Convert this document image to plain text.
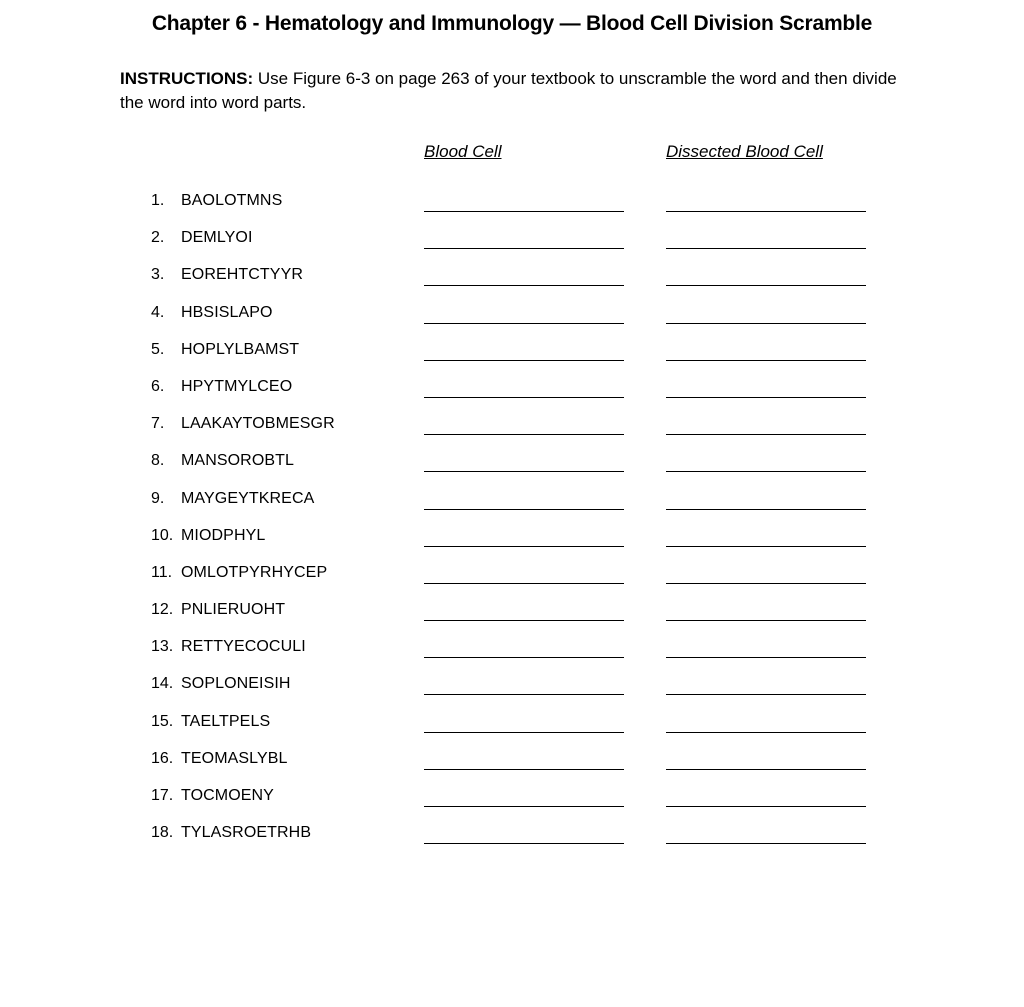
Chapter 6 - Hematology and Immunology — Blood Cell Division Scramble
INSTRUCTIONS: Use Figure 6-3 on page 263 of your textbook to unscramble the word and then divide the word into word parts.
Blood Cell	Dissected Blood Cell
1. BAOLOTMNS
2. DEMLYOI
3. EOREHTCTYYR
4. HBSISLAPO
5. HOPLYLBAMST
6. HPYTMYLCEO
7. LAAKAYTOBMESGR
8. MANSOROBTL
9. MAYGEYTKRECA
10. MIODPHYL
11. OMLOTPYRHYCEP
12. PNLIERUOHT
13. RETTYECOCULI
14. SOPLONEISIH
15. TAELTPELS
16. TEOMASLYBL
17. TOCMOENY
18. TYLASROETRHB
